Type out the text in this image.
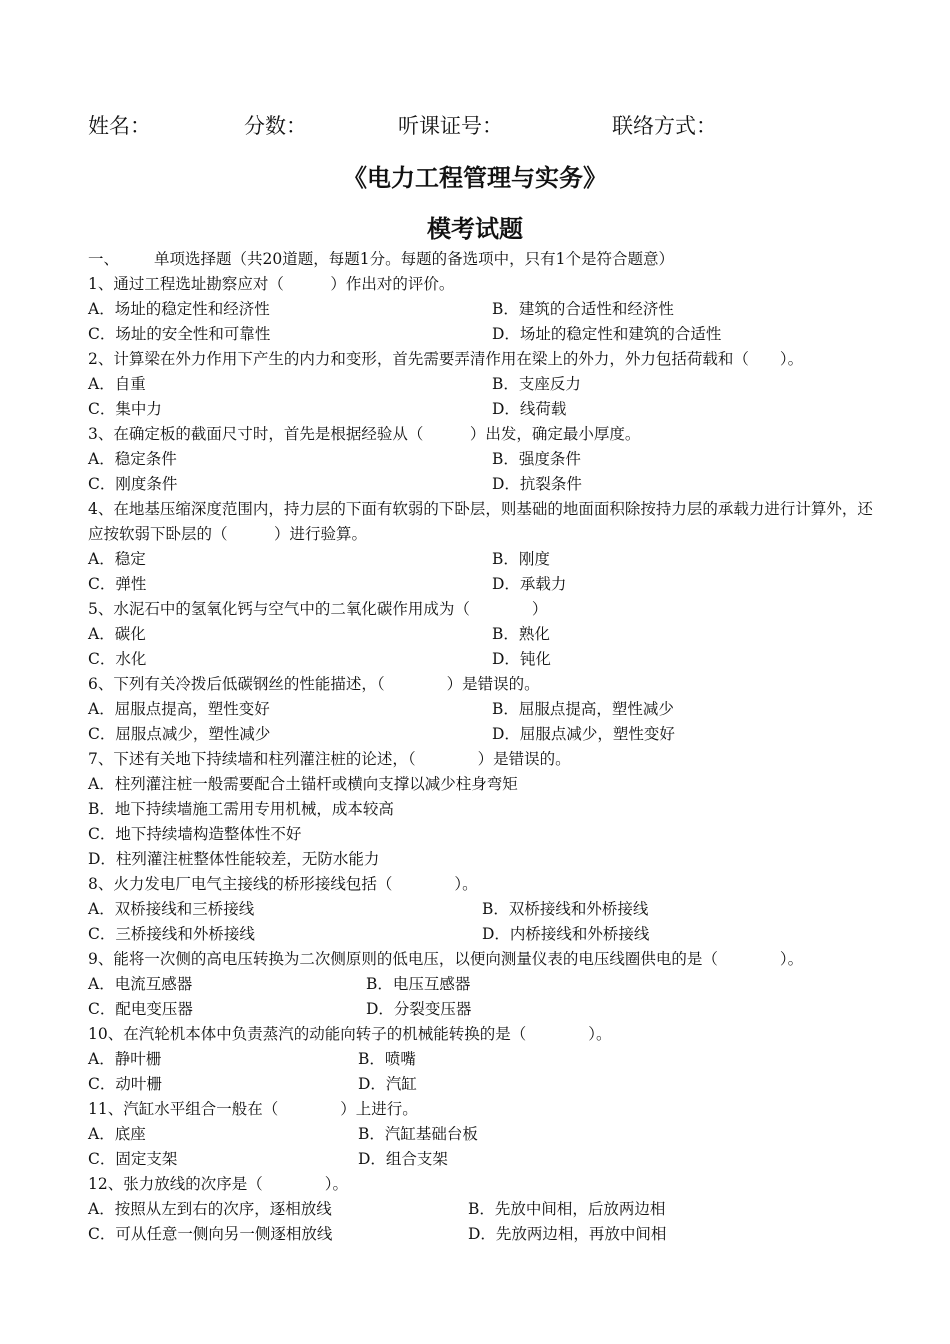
姓名：	分数：	听课证号：	联络方式：
《电力工程管理与实务》
模考试题
一、 单项选择题（共20道题，每题1分。每题的备选项中，只有1个是符合题意）
1、通过工程选址勘察应对（　　　）作出对的评价。
A．场址的稳定性和经济性	B．建筑的合适性和经济性
C．场址的安全性和可靠性	D．场址的稳定性和建筑的合适性
2、计算梁在外力作用下产生的内力和变形，首先需要弄清作用在梁上的外力，外力包括荷载和（　　）。
A．自重	B．支座反力
C．集中力	D．线荷载
3、在确定板的截面尺寸时，首先是根据经验从（　　　）出发，确定最小厚度。
A．稳定条件	B．强度条件
C．刚度条件	D．抗裂条件
4、在地基压缩深度范围内，持力层的下面有软弱的下卧层，则基础的地面面积除按持力层的承载力进行计算外，还应按软弱下卧层的（　　　）进行验算。
A．稳定	B．刚度
C．弹性	D．承载力
5、水泥石中的氢氧化钙与空气中的二氧化碳作用成为（　　　　）
A．碳化	B．熟化
C．水化	D．钝化
6、下列有关冷拨后低碳钢丝的性能描述，（　　　　）是错误的。
A．屈服点提高，塑性变好	B．屈服点提高，塑性减少
C．屈服点减少，塑性减少	D．屈服点减少，塑性变好
7、下述有关地下持续墙和柱列灌注桩的论述，（　　　　）是错误的。
A．柱列灌注桩一般需要配合土锚杆或横向支撑以减少柱身弯矩
B．地下持续墙施工需用专用机械，成本较高
C．地下持续墙构造整体性不好
D．柱列灌注桩整体性能较差，无防水能力
8、火力发电厂电气主接线的桥形接线包括（　　　　）。
A．双桥接线和三桥接线	B．双桥接线和外桥接线
C．三桥接线和外桥接线	D．内桥接线和外桥接线
9、能将一次侧的高电压转换为二次侧原则的低电压，以便向测量仪表的电压线圈供电的是（　　　　）。
A．电流互感器	B．电压互感器
C．配电变压器	D．分裂变压器
10、在汽轮机本体中负责蒸汽的动能向转子的机械能转换的是（　　　　）。
A．静叶栅	B．喷嘴
C．动叶栅	D．汽缸
11、汽缸水平组合一般在（　　　　）上进行。
A．底座	B．汽缸基础台板
C．固定支架	D．组合支架
12、张力放线的次序是（　　　　）。
A．按照从左到右的次序，逐相放线	B．先放中间相，后放两边相
C．可从任意一侧向另一侧逐相放线	D．先放两边相，再放中间相
